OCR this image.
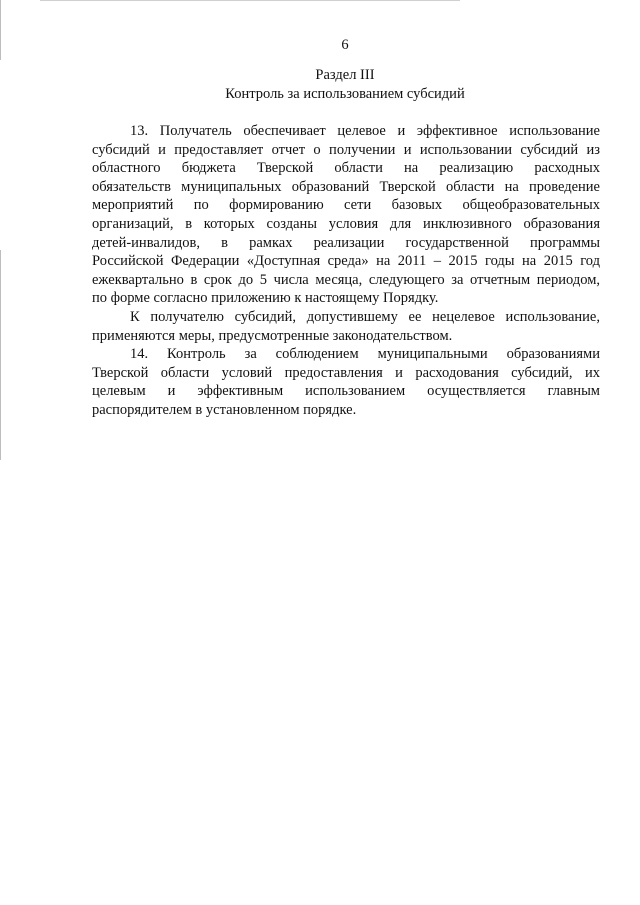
6
Раздел III
Контроль за использованием субсидий

13. Получатель обеспечивает целевое и эффективное использование
субсидий и предоставляет отчет о получении и использовании субсидий из
областного бюджета Тверской области на реализацию расходных
обязательств муниципальных образований Тверской области на проведение
мероприятий по формированию сети базовых общеобразовательных
организаций, в которых созданы условия для инклюзивного образования
детей-инвалидов, в рамках реализации государственной программы
Российской Федерации «Доступная среда» на 2011 – 2015 годы на 2015 год
ежеквартально в срок до 5 числа месяца, следующего за отчетным периодом,
по форме согласно приложению к настоящему Порядку.

К получателю субсидий, допустившему ее нецелевое использование,
применяются меры, предусмотренные законодательством.

14. Контроль за соблюдением муниципальными образованиями
Тверской области условий предоставления и расходования субсидий, их
целевым и эффективным использованием осуществляется главным
распорядителем в установленном порядке.
